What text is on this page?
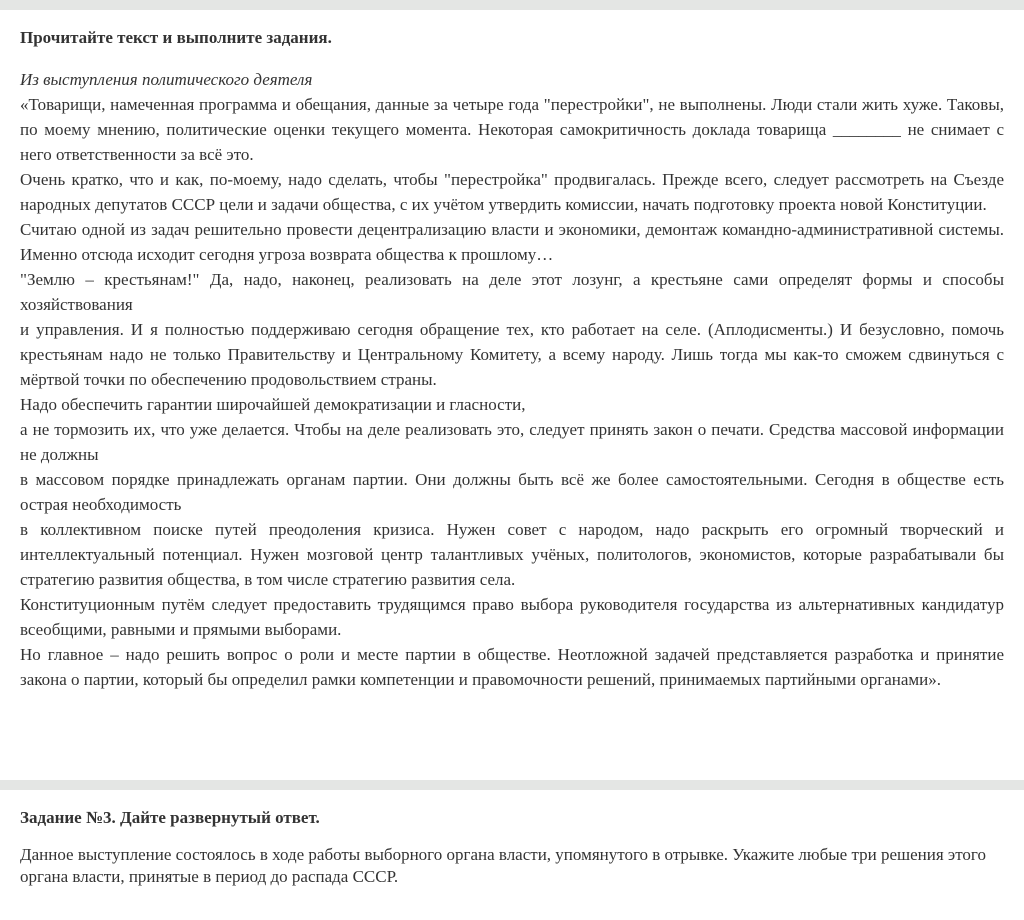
Прочитайте текст и выполните задания.

Из выступления политического деятеля

«Товарищи, намеченная программа и обещания, данные за четыре года "перестройки", не выполнены. Люди стали жить хуже. Таковы, по моему мнению, политические оценки текущего момента. Некоторая самокритичность доклада товарища ________ не снимает с него ответственности за всё это.

Очень кратко, что и как, по-моему, надо сделать, чтобы "перестройка" продвигалась. Прежде всего, следует рассмотреть на Съезде народных депутатов СССР цели и задачи общества, с их учётом утвердить комиссии, начать подготовку проекта новой Конституции.

Считаю одной из задач решительно провести децентрализацию власти и экономики, демонтаж командно-административной системы. Именно отсюда исходит сегодня угроза возврата общества к прошлому…

"Землю – крестьянам!" Да, надо, наконец, реализовать на деле этот лозунг, а крестьяне сами определят формы и способы хозяйствования

и управления. И я полностью поддерживаю сегодня обращение тех, кто работает на селе. (Аплодисменты.) И безусловно, помочь крестьянам надо не только Правительству и Центральному Комитету, а всему народу. Лишь тогда мы как-то сможем сдвинуться с мёртвой точки по обеспечению продовольствием страны.

Надо обеспечить гарантии широчайшей демократизации и гласности,

а не тормозить их, что уже делается. Чтобы на деле реализовать это, следует принять закон о печати. Средства массовой информации не должны

в массовом порядке принадлежать органам партии. Они должны быть всё же более самостоятельными. Сегодня в обществе есть острая необходимость

в коллективном поиске путей преодоления кризиса. Нужен совет с народом, надо раскрыть его огромный творческий и интеллектуальный потенциал. Нужен мозговой центр талантливых учёных, политологов, экономистов, которые разрабатывали бы стратегию развития общества, в том числе стратегию развития села.

Конституционным путём следует предоставить трудящимся право выбора руководителя государства из альтернативных кандидатур всеобщими, равными и прямыми выборами.

Но главное – надо решить вопрос о роли и месте партии в обществе. Неотложной задачей представляется разработка и принятие закона о партии, который бы определил рамки компетенции и правомочности решений, принимаемых партийными органами».

Задание №3. Дайте развернутый ответ.

Данное выступление состоялось в ходе работы выборного органа власти, упомянутого в отрывке. Укажите любые три решения этого органа власти, принятые в период до распада СССР.
